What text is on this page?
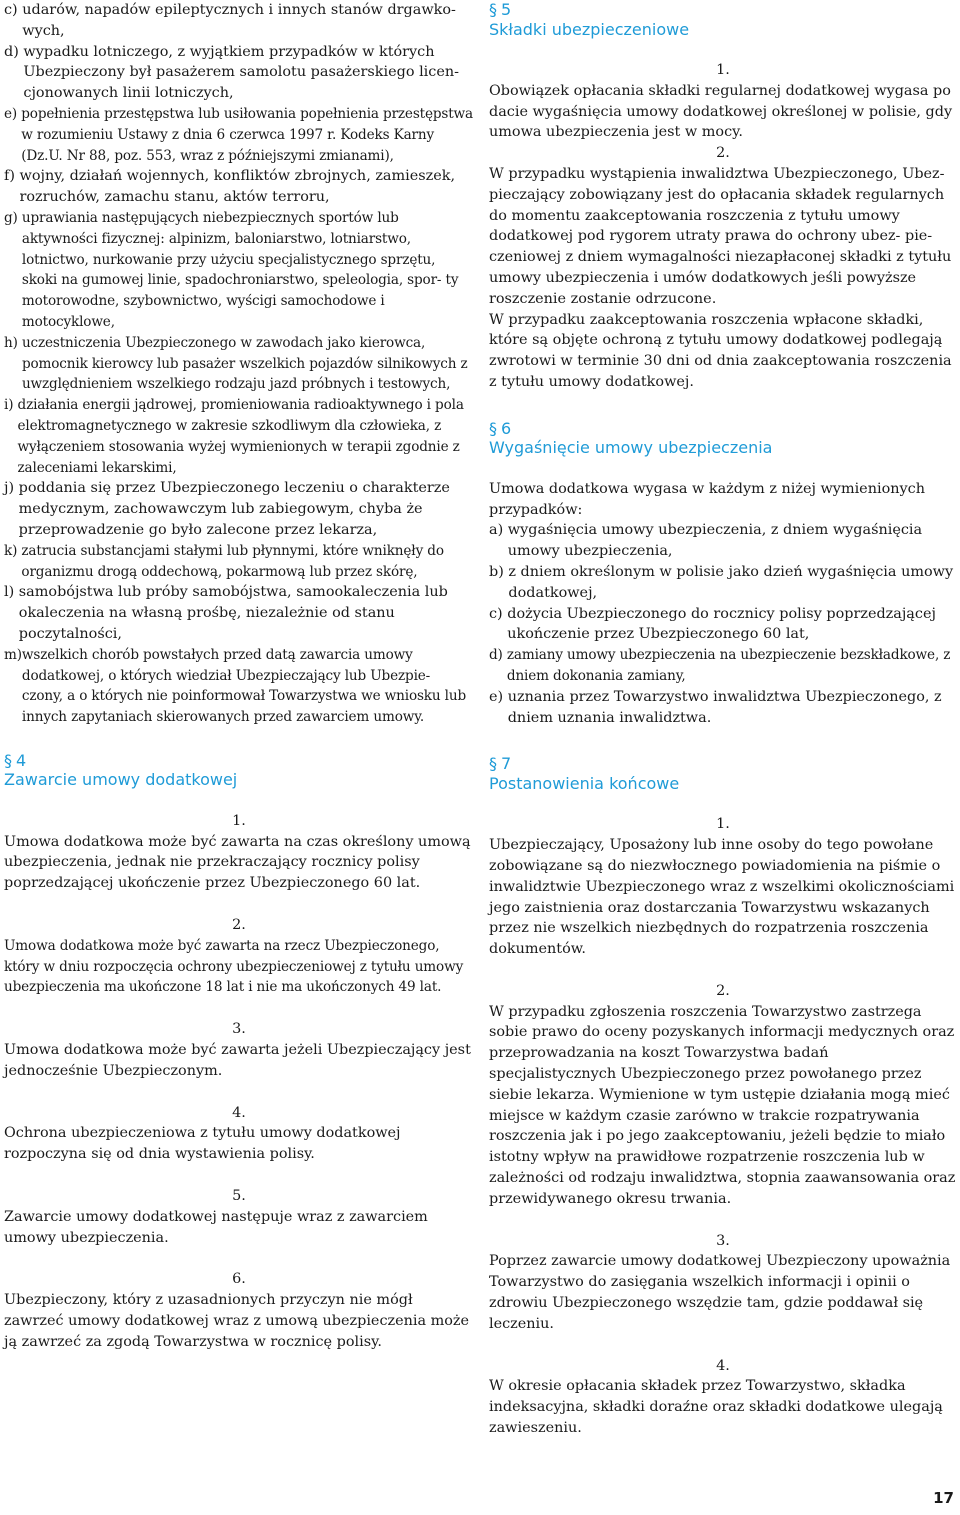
c) udarów, napadów epileptycznych i innych stanów drgawko- wych,
d) wypadku lotniczego, z wyjątkiem przypadków w których Ubezpieczony był pasażerem samolotu pasażerskiego licen- cjonowanych linii lotniczych,
e) popełnienia przestępstwa lub usiłowania popełnienia przestępstwa w rozumieniu Ustawy z dnia 6 czerwca 1997 r. Kodeks Karny (Dz.U. Nr 88, poz. 553, wraz z późniejszymi zmianami),
f) wojny, działań wojennych, konfliktów zbrojnych, zamieszek, rozruchów, zamachu stanu, aktów terroru,
g) uprawiania następujących niebezpiecznych sportów lub aktywności fizycznej: alpinizm, baloniarstwo, lotniarstwo, lotnictwo, nurkowanie przy użyciu specjalistycznego sprzętu, skoki na gumowej linie, spadochroniarstwo, speleologia, spor- ty motorowodne, szybownictwo, wyścigi samochodowe i motocyklowe,
h) uczestniczenia Ubezpieczonego w zawodach jako kierowca, pomocnik kierowcy lub pasażer wszelkich pojazdów silnikowych z uwzględnieniem wszelkiego rodzaju jazd próbnych i testowych,
i) działania energii jądrowej, promieniowania radioaktywnego i pola elektromagnetycznego w zakresie szkodliwym dla człowieka, z wyłączeniem stosowania wyżej wymienionych w terapii zgodnie z zaleceniami lekarskimi,
j) poddania się przez Ubezpieczonego leczeniu o charakterze medycznym, zachowawczym lub zabiegowym, chyba że przeprowadzenie go było zalecone przez lekarza,
k) zatrucia substancjami stałymi lub płynnymi, które wniknęły do organizmu drogą oddechową, pokarmową lub przez skórę,
l) samobójstwa lub próby samobójstwa, samookaleczenia lub okaleczenia na własną prośbę, niezależnie od stanu poczytalności,
m) wszelkich chorób powstałych przed datą zawarcia umowy dodatkowej, o których wiedział Ubezpieczający lub Ubezpie- czony, a o których nie poinformował Towarzystwa we wniosku lub innych zapytaniach skierowanych przed zawarciem umowy.
§ 4
Zawarcie umowy dodatkowej
1.
Umowa dodatkowa może być zawarta na czas określony umową ubezpieczenia, jednak nie przekraczający rocznicy polisy poprzedzającej ukończenie przez Ubezpieczonego 60 lat.
2.
Umowa dodatkowa może być zawarta na rzecz Ubezpieczonego, który w dniu rozpoczęcia ochrony ubezpieczeniowej z tytułu umowy ubezpieczenia ma ukończone 18 lat i nie ma ukończonych 49 lat.
3.
Umowa dodatkowa może być zawarta jeżeli Ubezpieczający jest jednocześnie Ubezpieczonym.
4.
Ochrona ubezpieczeniowa z tytułu umowy dodatkowej rozpoczyna się od dnia wystawienia polisy.
5.
Zawarcie umowy dodatkowej następuje wraz z zawarciem umowy ubezpieczenia.
6.
Ubezpieczony, który z uzasadnionych przyczyn nie mógł zawrzeć umowy dodatkowej wraz z umową ubezpieczenia może ją zawrzeć za zgodą Towarzystwa w rocznicę polisy.
§ 5
Składki ubezpieczeniowe
1.
Obowiązek opłacania składki regularnej dodatkowej wygasa po dacie wygaśnięcia umowy dodatkowej określonej w polisie, gdy umowa ubezpieczenia jest w mocy.
2.
W przypadku wystąpienia inwalidztwa Ubezpieczonego, Ubez-pieczający zobowiązany jest do opłacania składek regularnych do momentu zaakceptowania roszczenia z tytułu umowy dodatkowej pod rygorem utraty prawa do ochrony ubez- pie-czeniowej z dniem wymagalności niezapłaconej składki z tytułu umowy ubezpieczenia i umów dodatkowych jeśli powyższe roszczenie zostanie odrzucone.
W przypadku zaakceptowania roszczenia wpłacone składki, które są objęte ochroną z tytułu umowy dodatkowej podlegają zwrotowi w terminie 30 dni od dnia zaakceptowania roszczenia z tytułu umowy dodatkowej.
§ 6
Wygaśnięcie umowy ubezpieczenia
Umowa dodatkowa wygasa w każdym z niżej wymienionych przypadków:
a) wygaśnięcia umowy ubezpieczenia, z dniem wygaśnięcia umowy ubezpieczenia,
b) z dniem określonym w polisie jako dzień wygaśnięcia umowy dodatkowej,
c) dożycia Ubezpieczonego do rocznicy polisy poprzedzającej ukończenie przez Ubezpieczonego 60 lat,
d) zamiany umowy ubezpieczenia na ubezpieczenie bezskładkowe, z dniem dokonania zamiany,
e) uznania przez Towarzystwo inwalidztwa Ubezpieczonego, z dniem uznania inwalidztwa.
§ 7
Postanowienia końcowe
1.
Ubezpieczający, Uposażony lub inne osoby do tego powołane zobowiązane są do niezwłocznego powiadomienia na piśmie o inwalidztwie Ubezpieczonego wraz z wszelkimi okolicznościami jego zaistnienia oraz dostarczania Towarzystwu wskazanych przez nie wszelkich niezbędnych do rozpatrzenia roszczenia dokumentów.
2.
W przypadku zgłoszenia roszczenia Towarzystwo zastrzega sobie prawo do oceny pozyskanych informacji medycznych oraz przeprowadzania na koszt Towarzystwa badań specjalistycznych Ubezpieczonego przez powołanego przez siebie lekarza. Wymienione w tym ustępie działania mogą mieć miejsce w każdym czasie zarówno w trakcie rozpatrywania roszczenia jak i po jego zaakceptowaniu, jeżeli będzie to miało istotny wpływ na prawidłowe rozpatrzenie roszczenia lub w zależności od rodzaju inwalidztwa, stopnia zaawansowania oraz przewidywanego okresu trwania.
3.
Poprzez zawarcie umowy dodatkowej Ubezpieczony upoważnia Towarzystwo do zasięgania wszelkich informacji i opinii o zdrowiu Ubezpieczonego wszędzie tam, gdzie poddawał się leczeniu.
4.
W okresie opłacania składek przez Towarzystwo, składka indeksacyjna, składki doraźne oraz składki dodatkowe ulegają zawieszeniu.
17
